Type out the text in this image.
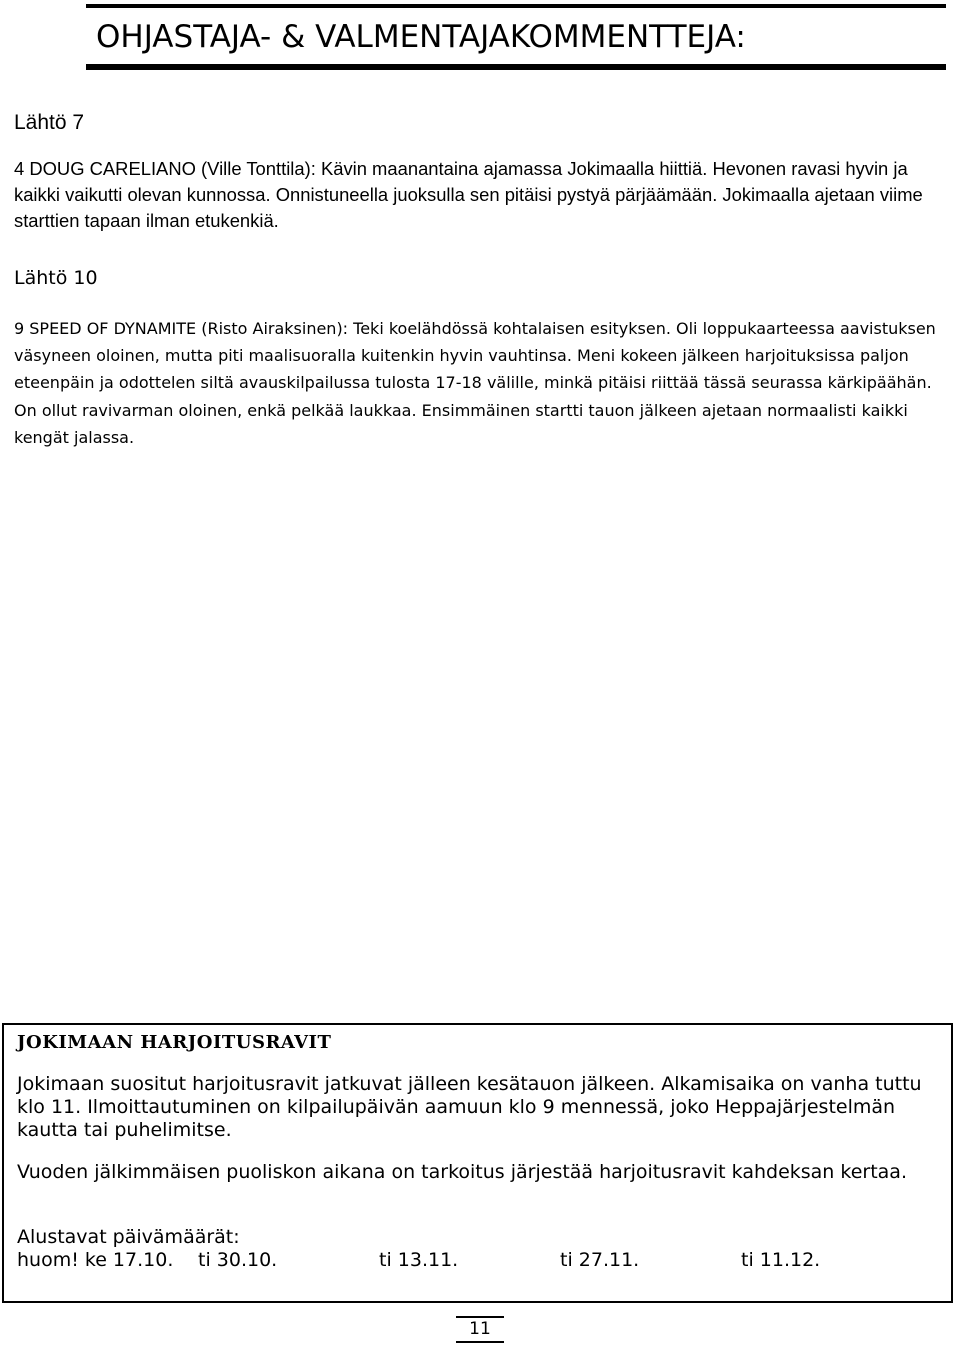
OHJASTAJA- & VALMENTAJAKOMMENTTEJA:
Lähtö 7

4 DOUG CARELIANO (Ville Tonttila): Kävin maanantaina ajamassa Jokimaalla hiittiä. Hevonen ravasi hyvin ja kaikki vaikutti olevan kunnossa. Onnistuneella juoksulla sen pitäisi pystyä pärjäämään. Jokimaalla ajetaan viime starttien tapaan ilman etukenkiä.

Lähtö 10

9 SPEED OF DYNAMITE (Risto Airaksinen): Teki koelähdössä kohtalaisen esityksen. Oli loppukaarteessa aavistuksen väsyneen oloinen, mutta piti maalisuoralla kuitenkin hyvin vauhtinsa. Meni kokeen jälkeen harjoituksissa paljon eteenpäin ja odottelen siltä avauskilpailussa tulosta 17-18 välille, minkä pitäisi riittää tässä seurassa kärkipäähän. On ollut ravivarman oloinen, enkä pelkää laukkaa. Ensimmäinen startti tauon jälkeen ajetaan normaalisti kaikki kengät jalassa.

JOKIMAAN HARJOITUSRAVIT

Jokimaan suositut harjoitusravit jatkuvat jälleen kesätauon jälkeen. Alkamisaika on vanha tuttu klo 11. Ilmoittautuminen on kilpailupäivän aamuun klo 9 mennessä, joko Heppajärjestelmän kautta tai puhelimitse.

Vuoden jälkimmäisen puoliskon aikana on tarkoitus järjestää harjoitusravit kahdeksan kertaa.

Alustavat päivämäärät:

huom! ke 17.10. ti 30.10.	ti 13.11.	ti 27.11.	ti 11.12.
11
